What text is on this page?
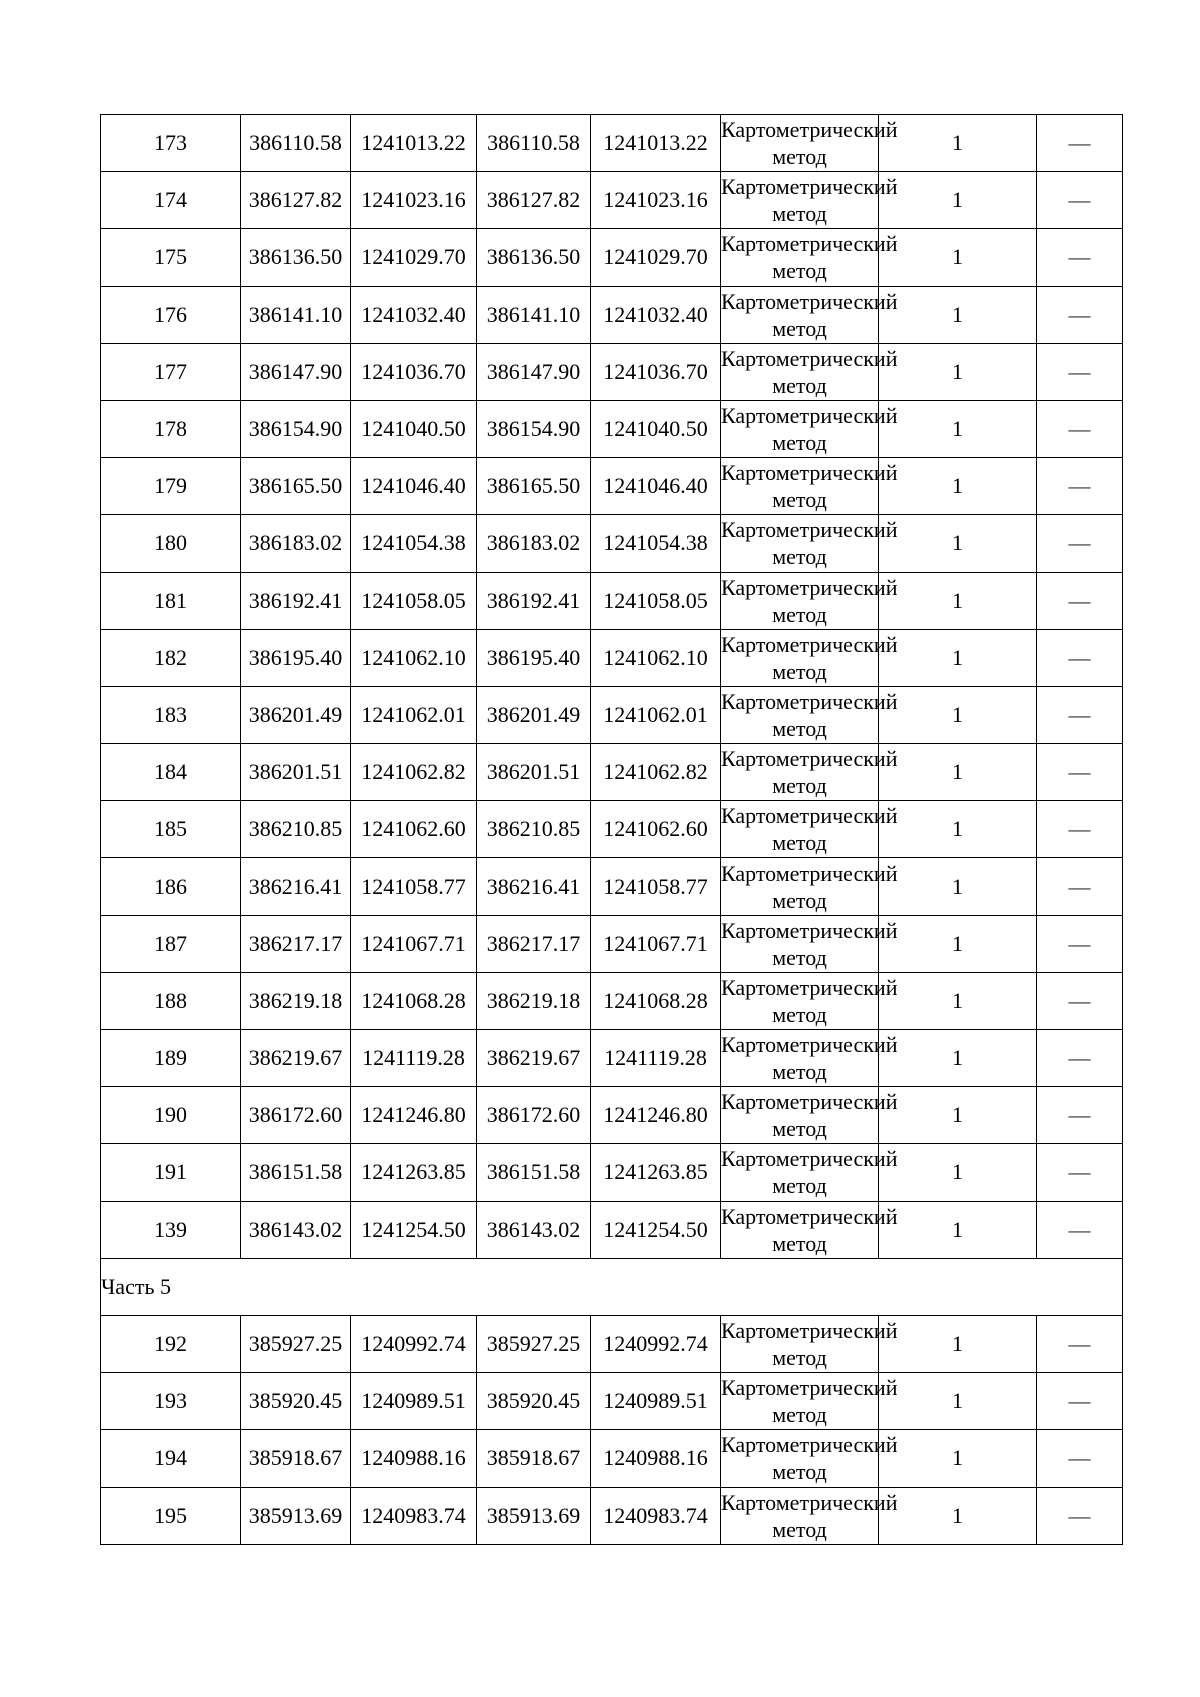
173	386110.58	1241013.22	386110.58	1241013.22	Картометрический метод	1	—
174	386127.82	1241023.16	386127.82	1241023.16	Картометрический метод	1	—
175	386136.50	1241029.70	386136.50	1241029.70	Картометрический метод	1	—
176	386141.10	1241032.40	386141.10	1241032.40	Картометрический метод	1	—
177	386147.90	1241036.70	386147.90	1241036.70	Картометрический метод	1	—
178	386154.90	1241040.50	386154.90	1241040.50	Картометрический метод	1	—
179	386165.50	1241046.40	386165.50	1241046.40	Картометрический метод	1	—
180	386183.02	1241054.38	386183.02	1241054.38	Картометрический метод	1	—
181	386192.41	1241058.05	386192.41	1241058.05	Картометрический метод	1	—
182	386195.40	1241062.10	386195.40	1241062.10	Картометрический метод	1	—
183	386201.49	1241062.01	386201.49	1241062.01	Картометрический метод	1	—
184	386201.51	1241062.82	386201.51	1241062.82	Картометрический метод	1	—
185	386210.85	1241062.60	386210.85	1241062.60	Картометрический метод	1	—
186	386216.41	1241058.77	386216.41	1241058.77	Картометрический метод	1	—
187	386217.17	1241067.71	386217.17	1241067.71	Картометрический метод	1	—
188	386219.18	1241068.28	386219.18	1241068.28	Картометрический метод	1	—
189	386219.67	1241119.28	386219.67	1241119.28	Картометрический метод	1	—
190	386172.60	1241246.80	386172.60	1241246.80	Картометрический метод	1	—
191	386151.58	1241263.85	386151.58	1241263.85	Картометрический метод	1	—
139	386143.02	1241254.50	386143.02	1241254.50	Картометрический метод	1	—
Часть 5							
192	385927.25	1240992.74	385927.25	1240992.74	Картометрический метод	1	—
193	385920.45	1240989.51	385920.45	1240989.51	Картометрический метод	1	—
194	385918.67	1240988.16	385918.67	1240988.16	Картометрический метод	1	—
195	385913.69	1240983.74	385913.69	1240983.74	Картометрический метод	1	—
